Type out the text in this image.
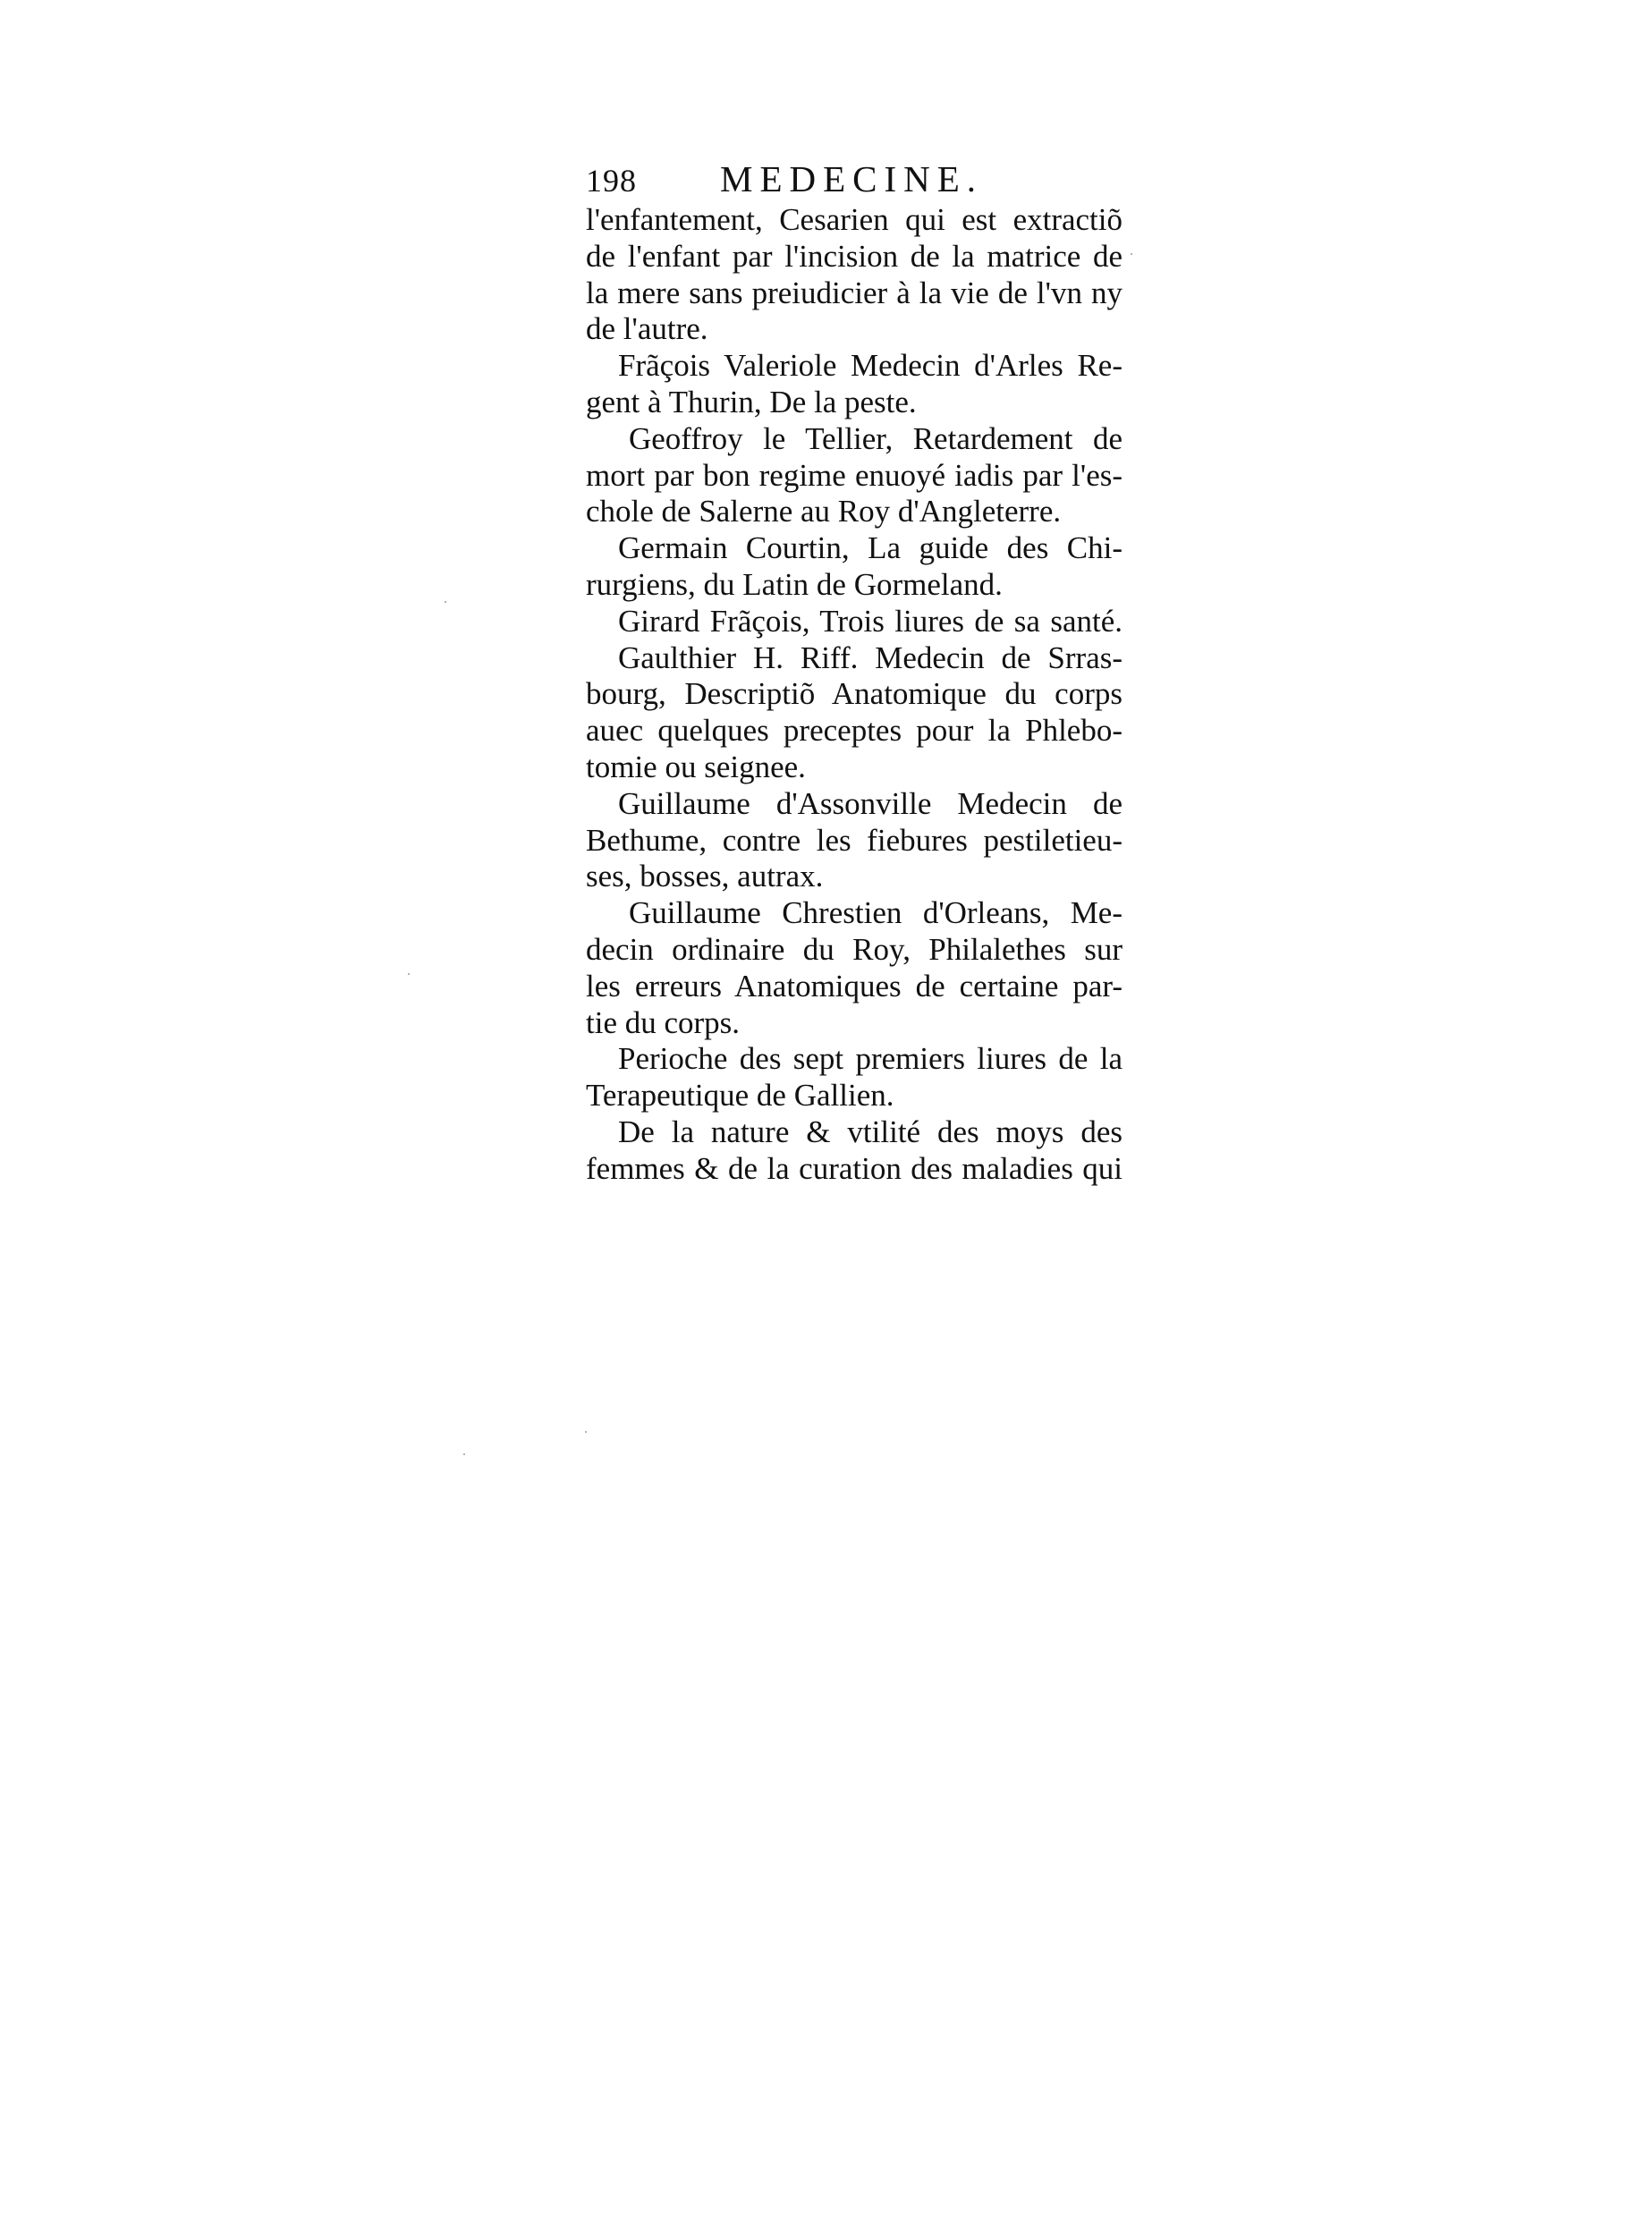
198	MEDECINE.
l'enfantement, Cesarien qui est extractiõ
de l'enfant par l'incision de la matrice de
la mere sans preiudicier à la vie de l'vn ny
de l'autre.
Frãçois Valeriole Medecin d'Arles Re-
gent à Thurin, De la peste.
Geoffroy le Tellier, Retardement de
mort par bon regime enuoyé iadis par l'es-
chole de Salerne au Roy d'Angleterre.
Germain Courtin, La guide des Chi-
rurgiens, du Latin de Gormeland.
Girard Frãçois, Trois liures de sa santé.
Gaulthier H. Riff. Medecin de Srras-
bourg, Descriptiõ Anatomique du corps
auec quelques preceptes pour la Phlebo-
tomie ou seignee.
Guillaume d'Assonville Medecin de
Bethume, contre les fiebures pestiletieu-
ses, bosses, autrax.
Guillaume Chrestien d'Orleans, Me-
decin ordinaire du Roy, Philalethes sur
les erreurs Anatomiques de certaine par-
tie du corps.
Perioche des sept premiers liures de la
Terapeutique de Gallien.
De la nature & vtilité des moys des
femmes & de la curation des maladies qui
